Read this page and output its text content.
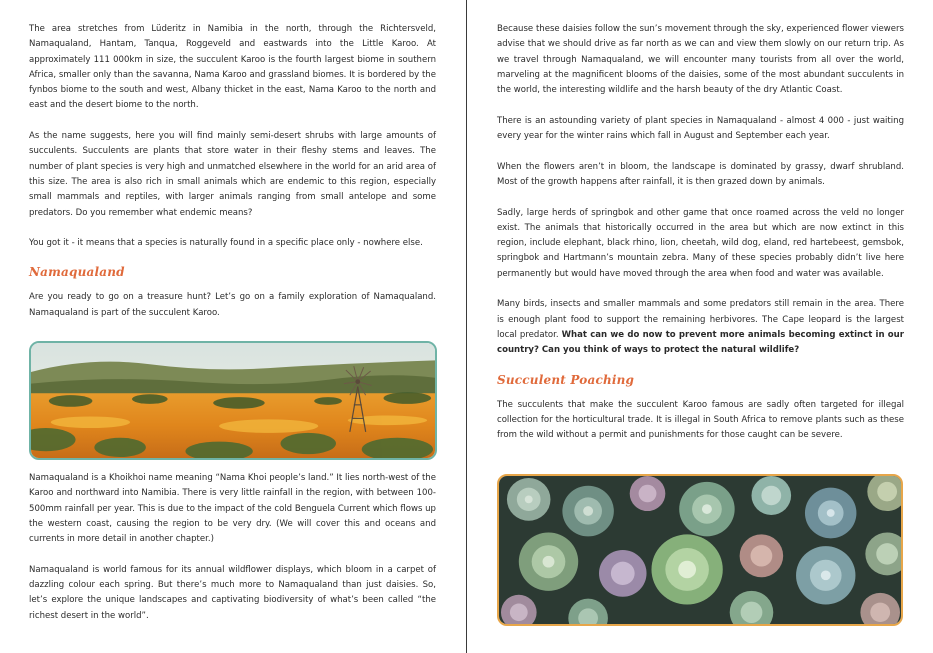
The area stretches from Lüderitz in Namibia in the north, through the Richtersveld, Namaqualand, Hantam, Tanqua, Roggeveld and eastwards into the Little Karoo. At approximately 111 000km in size, the succulent Karoo is the fourth largest biome in southern Africa, smaller only than the savanna, Nama Karoo and grassland biomes. It is bordered by the fynbos biome to the south and west, Albany thicket in the east, Nama Karoo to the north and east and the desert biome to the north.

As the name suggests, here you will find mainly semi-desert shrubs with large amounts of succulents. Succulents are plants that store water in their fleshy stems and leaves. The number of plant species is very high and unmatched elsewhere in the world for an arid area of this size. The area is also rich in small animals which are endemic to this region, especially small mammals and reptiles, with larger animals ranging from small antelope and some predators. Do you remember what endemic means?

You got it - it means that a species is naturally found in a specific place only - nowhere else.

Namaqualand

Are you ready to go on a treasure hunt? Let’s go on a family exploration of Namaqualand. Namaqualand is part of the succulent Karoo.

Namaqualand is a Khoikhoi name meaning “Nama Khoi people’s land.” It lies north-west of the Karoo and northward into Namibia. There is very little rainfall in the region, with between 100-500mm rainfall per year. This is due to the impact of the cold Benguela Current which flows up the western coast, causing the region to be very dry. (We will cover this and oceans and currents in more detail in another chapter.)

Namaqualand is world famous for its annual wildflower displays, which bloom in a carpet of dazzling colour each spring. But there’s much more to Namaqualand than just daisies. So, let’s explore the unique landscapes and captivating biodiversity of what’s been called “the richest desert in the world”.

Because these daisies follow the sun’s movement through the sky, experienced flower viewers advise that we should drive as far north as we can and view them slowly on our return trip. As we travel through Namaqualand, we will encounter many tourists from all over the world, marveling at the magnificent blooms of the daisies, some of the most abundant succulents in the world, the interesting wildlife and the harsh beauty of the dry Atlantic Coast.

There is an astounding variety of plant species in Namaqualand - almost 4 000 - just waiting every year for the winter rains which fall in August and September each year.

When the flowers aren’t in bloom, the landscape is dominated by grassy, dwarf shrubland. Most of the growth happens after rainfall, it is then grazed down by animals.

Sadly, large herds of springbok and other game that once roamed across the veld no longer exist. The animals that historically occurred in the area but which are now extinct in this region, include elephant, black rhino, lion, cheetah, wild dog, eland, red hartebeest, gemsbok, springbok and Hartmann’s mountain zebra. Many of these species probably didn’t live here permanently but would have moved through the area when food and water was available.

Many birds, insects and smaller mammals and some predators still remain in the area. There is enough plant food to support the remaining herbivores. The Cape leopard is the largest local predator. What can we do now to prevent more animals becoming extinct in our country? Can you think of ways to protect the natural wildlife?

Succulent Poaching

The succulents that make the succulent Karoo famous are sadly often targeted for illegal collection for the horticultural trade. It is illegal in South Africa to remove plants such as these from the wild without a permit and punishments for those caught can be severe.
